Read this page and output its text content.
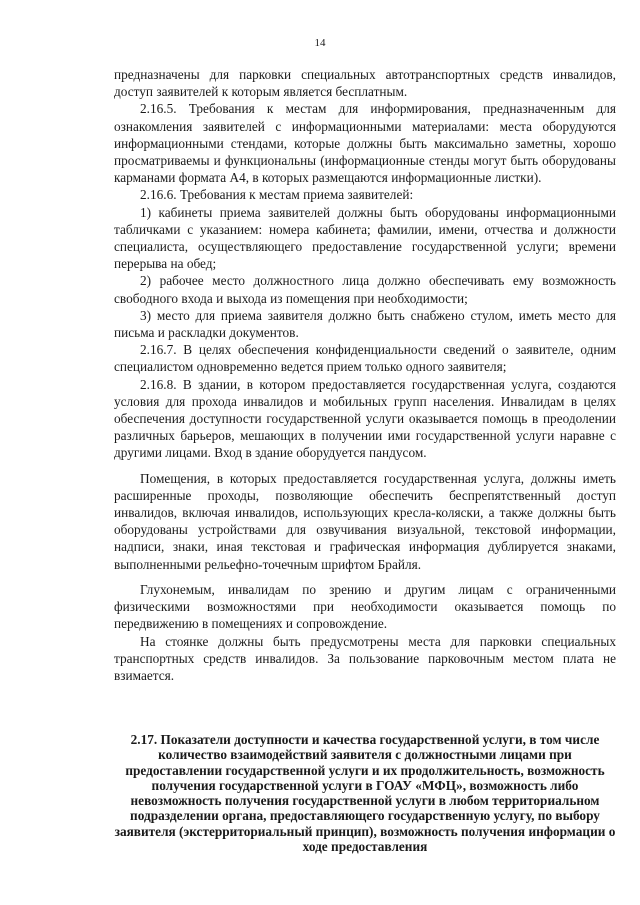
14

предназначены для парковки специальных автотранспортных средств инвалидов, доступ заявителей к которым является бесплатным.

2.16.5. Требования к местам для информирования, предназначенным для ознакомления заявителей с информационными материалами: места оборудуются информационными стендами, которые должны быть максимально заметны, хорошо просматриваемы и функциональны (информационные стенды могут быть оборудованы карманами формата А4, в которых размещаются информационные листки).

2.16.6. Требования к местам приема заявителей:

1) кабинеты приема заявителей должны быть оборудованы информационными табличками с указанием: номера кабинета; фамилии, имени, отчества и должности специалиста, осуществляющего предоставление государственной услуги; времени перерыва на обед;

2) рабочее место должностного лица должно обеспечивать ему возможность свободного входа и выхода из помещения при необходимости;

3) место для приема заявителя должно быть снабжено стулом, иметь место для письма и раскладки документов.

2.16.7. В целях обеспечения конфиденциальности сведений о заявителе, одним специалистом одновременно ведется прием только одного заявителя;

2.16.8. В здании, в котором предоставляется государственная услуга, создаются условия для прохода инвалидов и мобильных групп населения. Инвалидам в целях обеспечения доступности государственной услуги оказывается помощь в преодолении различных барьеров, мешающих в получении ими государственной услуги наравне с другими лицами. Вход в здание оборудуется пандусом.

Помещения, в которых предоставляется государственная услуга, должны иметь расширенные проходы, позволяющие обеспечить беспрепятственный доступ инвалидов, включая инвалидов, использующих кресла-коляски, а также должны быть оборудованы устройствами для озвучивания визуальной, текстовой информации, надписи, знаки, иная текстовая и графическая информация дублируется знаками, выполненными рельефно-точечным шрифтом Брайля.

Глухонемым, инвалидам по зрению и другим лицам с ограниченными физическими возможностями при необходимости оказывается помощь по передвижению в помещениях и сопровождение.

На стоянке должны быть предусмотрены места для парковки специальных транспортных средств инвалидов. За пользование парковочным местом плата не взимается.

2.17. Показатели доступности и качества государственной услуги, в том числе количество взаимодействий заявителя с должностными лицами при предоставлении государственной услуги и их продолжительность, возможность получения государственной услуги в ГОАУ «МФЦ», возможность либо невозможность получения государственной услуги в любом территориальном подразделении органа, предоставляющего государственную услугу, по выбору заявителя (экстерриториальный принцип), возможность получения информации о ходе предоставления
